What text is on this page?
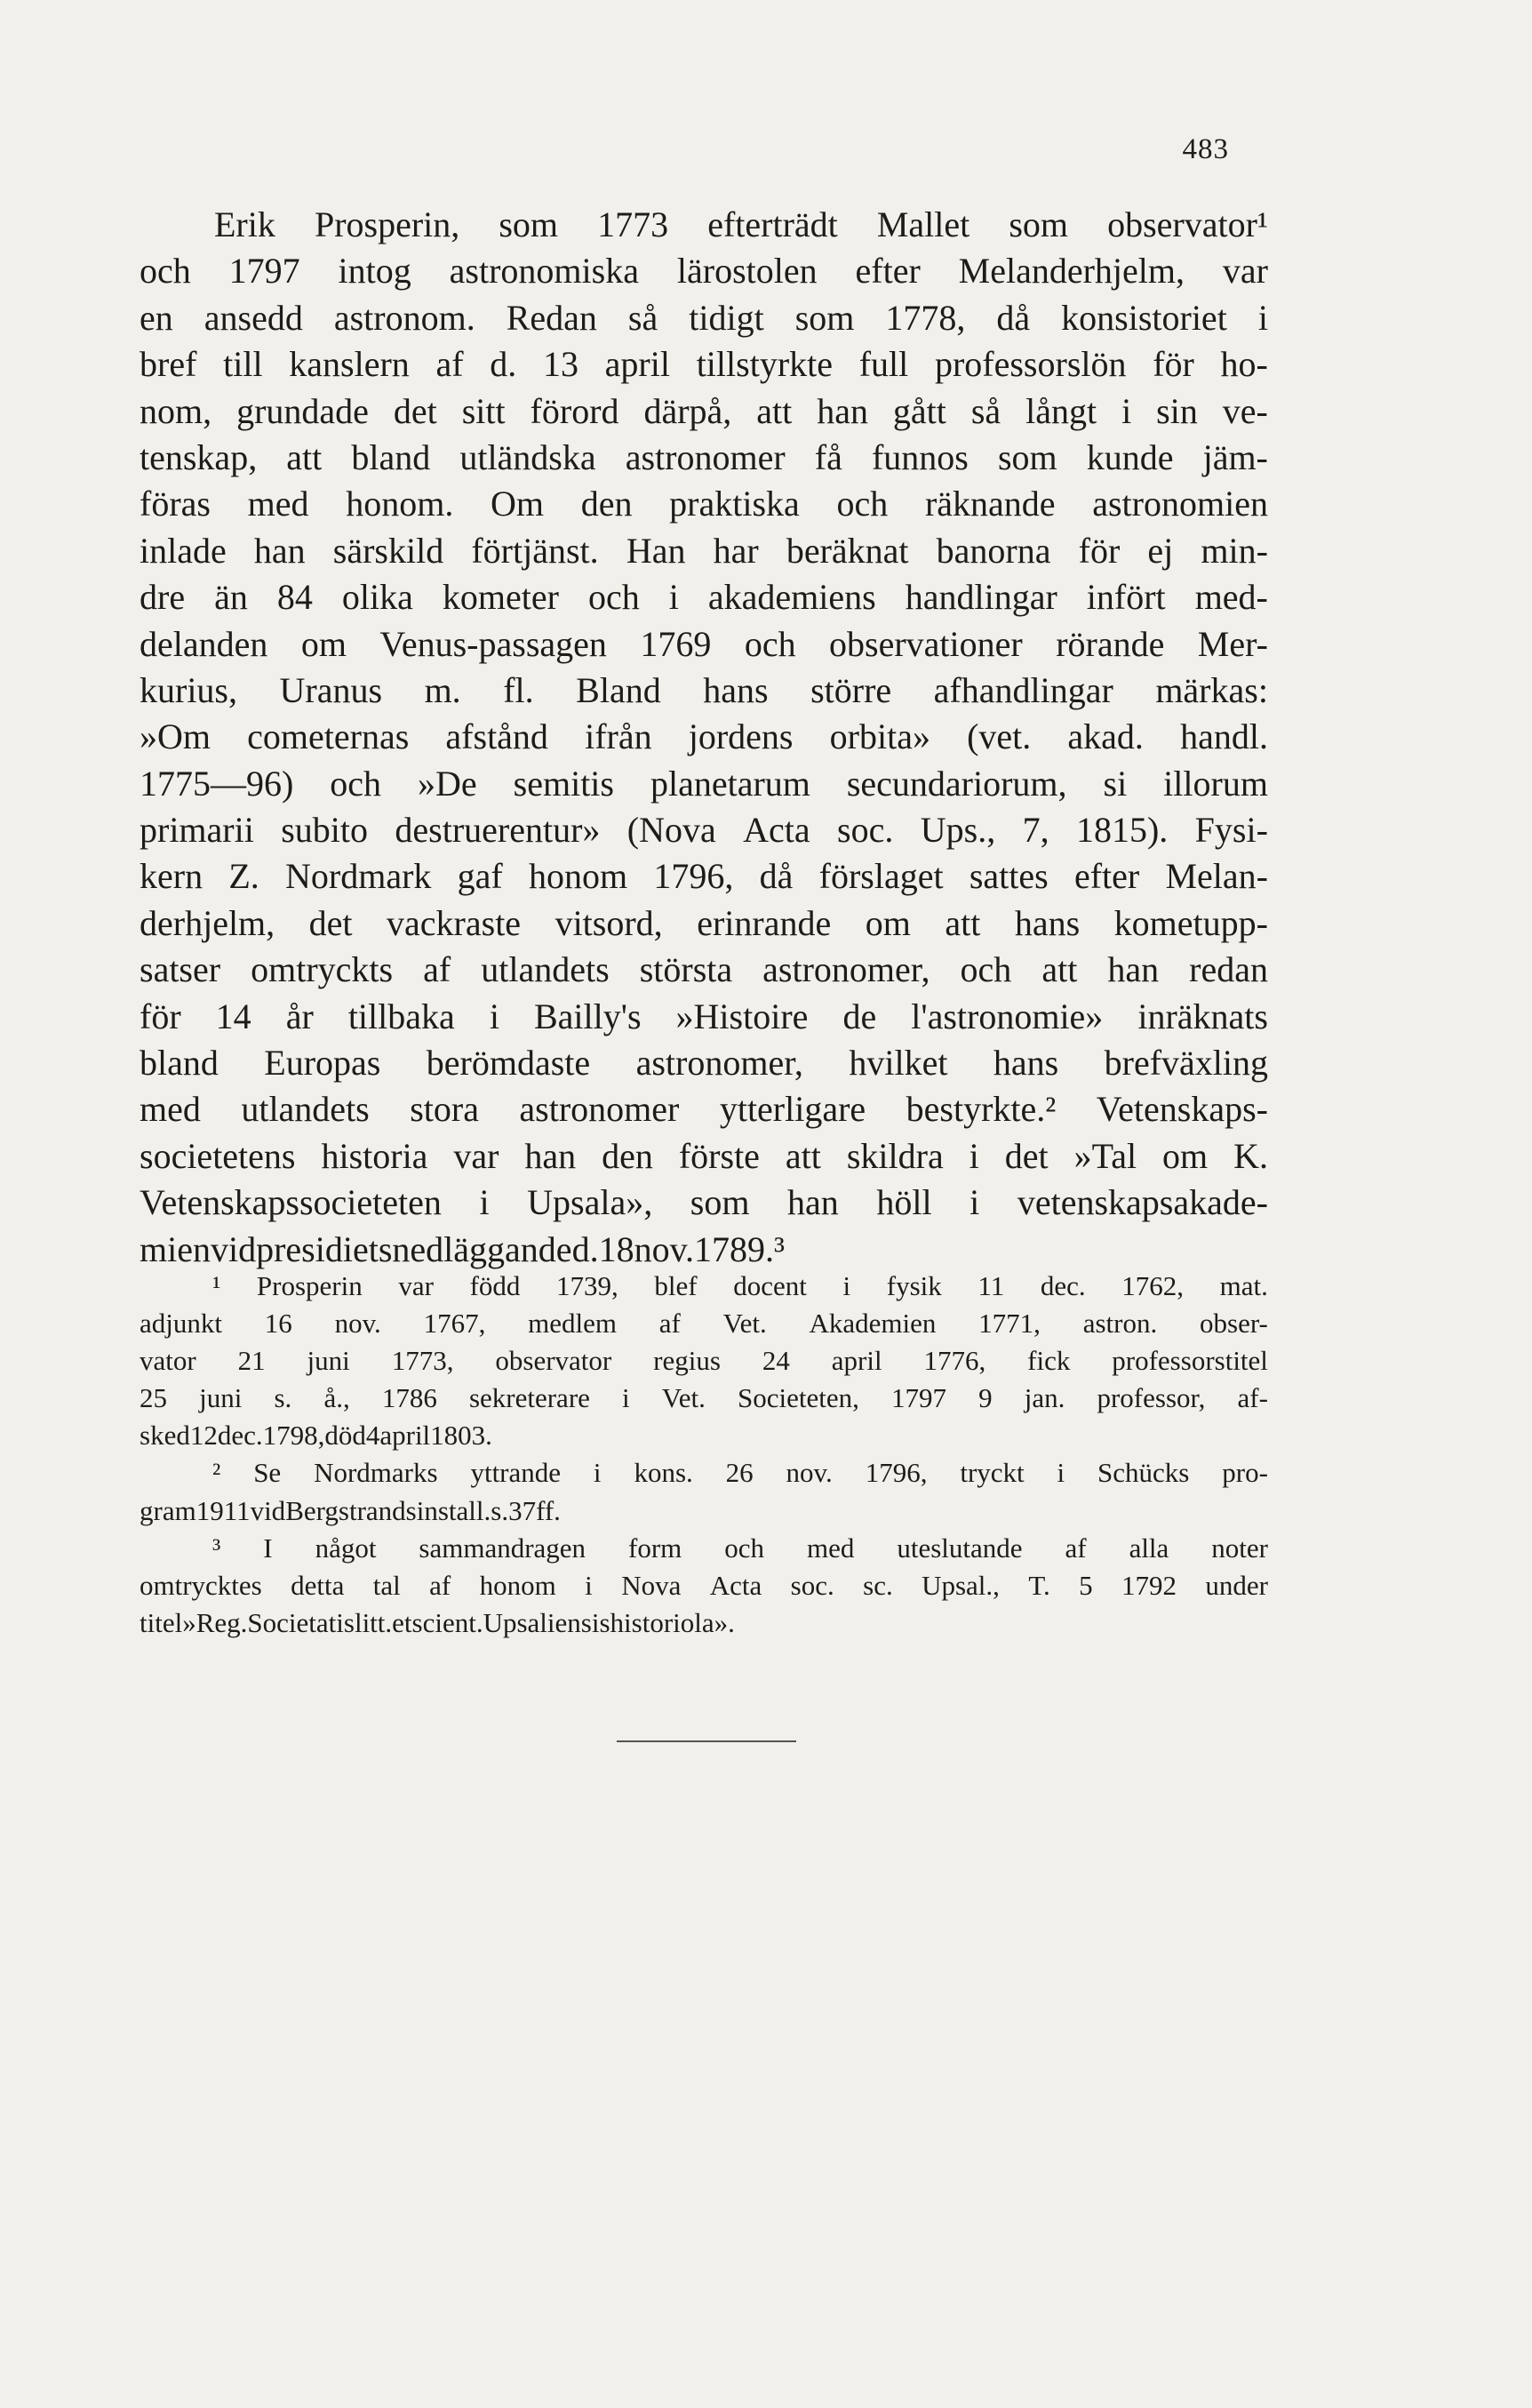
483
Erik Prosperin, som 1773 efterträdt Mallet som observator¹
och 1797 intog astronomiska lärostolen efter Melanderhjelm, var
en ansedd astronom. Redan så tidigt som 1778, då konsistoriet i
bref till kanslern af d. 13 april tillstyrkte full professorslön för ho-
nom, grundade det sitt förord därpå, att han gått så långt i sin ve-
tenskap, att bland utländska astronomer få funnos som kunde jäm-
föras med honom. Om den praktiska och räknande astronomien
inlade han särskild förtjänst. Han har beräknat banorna för ej min-
dre än 84 olika kometer och i akademiens handlingar infört med-
delanden om Venus-passagen 1769 och observationer rörande Mer-
kurius, Uranus m. fl. Bland hans större afhandlingar märkas:
»Om cometernas afstånd ifrån jordens orbita» (vet. akad. handl.
1775—96) och »De semitis planetarum secundariorum, si illorum
primarii subito destruerentur» (Nova Acta soc. Ups., 7, 1815). Fysi-
kern Z. Nordmark gaf honom 1796, då förslaget sattes efter Melan-
derhjelm, det vackraste vitsord, erinrande om att hans kometupp-
satser omtryckts af utlandets största astronomer, och att han redan
för 14 år tillbaka i Bailly's »Histoire de l'astronomie» inräknats
bland Europas berömdaste astronomer, hvilket hans brefväxling
med utlandets stora astronomer ytterligare bestyrkte.² Vetenskaps-
societetens historia var han den förste att skildra i det »Tal om K.
Vetenskapssocieteten i Upsala», som han höll i vetenskapsakade-
mien vid presidiets nedläggande d. 18 nov. 1789.³
¹ Prosperin var född 1739, blef docent i fysik 11 dec. 1762, mat.
adjunkt 16 nov. 1767, medlem af Vet. Akademien 1771, astron. obser-
vator 21 juni 1773, observator regius 24 april 1776, fick professorstitel
25 juni s. å., 1786 sekreterare i Vet. Societeten, 1797 9 jan. professor, af-
sked 12 dec. 1798, död 4 april 1803.
² Se Nordmarks yttrande i kons. 26 nov. 1796, tryckt i Schücks pro-
gram 1911 vid Bergstrands install. s. 37 ff.
³ I något sammandragen form och med uteslutande af alla noter
omtrycktes detta tal af honom i Nova Acta soc. sc. Upsal., T. 5 1792 under
titel »Reg. Societatis litt. et scient. Upsaliensis historiola».
